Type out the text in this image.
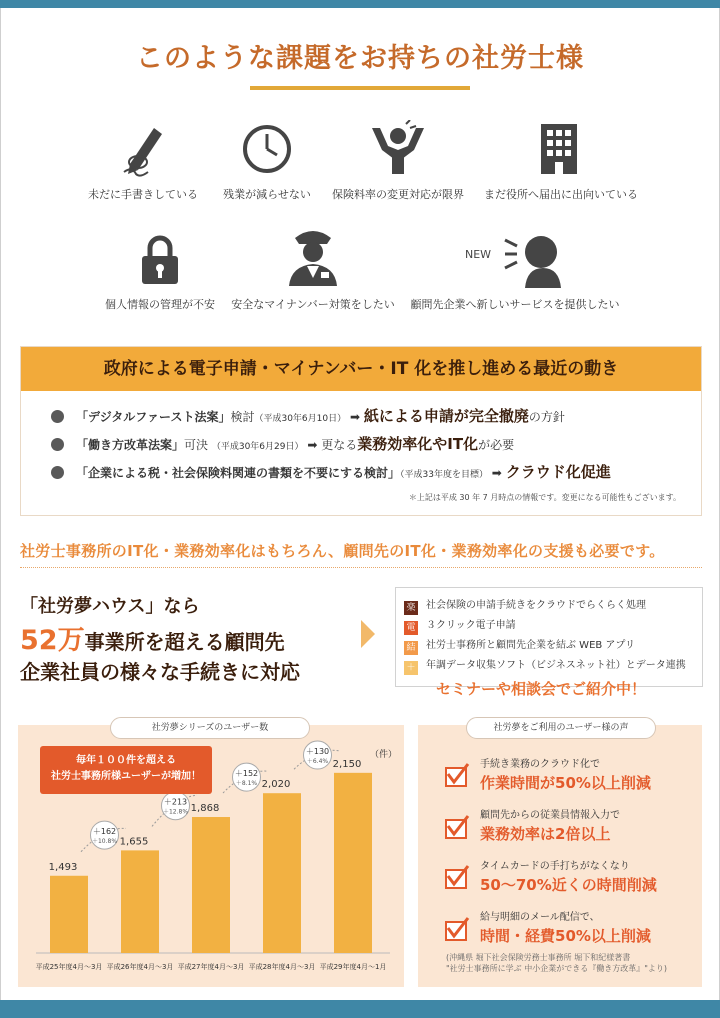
このような課題をお持ちの社労士様
未だに手書きしている	残業が減らせない	保険料率の変更対応が限界	まだ役所へ届出に出向いている
個人情報の管理が不安	安全なマイナンバー対策をしたい
NEW
顧問先企業へ新しいサービスを提供したい
政府による電子申請・マイナンバー・IT 化を推し進める最近の動き
「デジタルファースト法案」検討（平成30年6月10日） ➡ 紙による申請が完全撤廃の方針
「働き方改革法案」可決 （平成30年6月29日） ➡ 更なる業務効率化やIT化が必要
「企業による税・社会保険料関連の書類を不要にする検討」（平成33年度を目標） ➡ クラウド化促進
＊上記は平成 30 年 7 月時点の情報です。変更になる可能性もございます。
社労士事務所のIT化・業務効率化はもちろん、顧問先のIT化・業務効率化の支援も必要です。
「社労夢ハウス」なら
52万事業所を超える顧問先
企業社員の様々な手続きに対応
楽 社会保険の申請手続きをクラウドでらくらく処理
電 ３クリック電子申請
結 社労士事務所と顧問先企業を結ぶ WEB アプリ
＋ 年調データ収集ソフト（ビジネスネット社）とデータ連携
セミナーや相談会でご紹介中！
社労夢シリーズのユーザー数
（件）
1,493
平成25年度4月〜3月
1,655
平成26年度4月〜3月
1,868
平成27年度4月〜3月
2,020
平成28年度4月〜3月
2,150
平成29年度4月〜1月
＋162
＋10.8%
＋213
＋12.8%
＋152
＋8.1%
＋130
＋6.4%
毎年１００件を超える
社労士事務所様ユーザーが増加！
社労夢をご利用のユーザー様の声
手続き業務のクラウド化で
作業時間が50%以上削減
顧問先からの従業員情報入力で
業務効率は2倍以上
タイムカードの手打ちがなくなり
50〜70%近くの時間削減
給与明細のメール配信で、
時間・経費50%以上削減
(沖縄県 堀下社会保険労務士事務所 堀下和紀様著書
"社労士事務所に学ぶ 中小企業ができる『働き方改革』"より)
